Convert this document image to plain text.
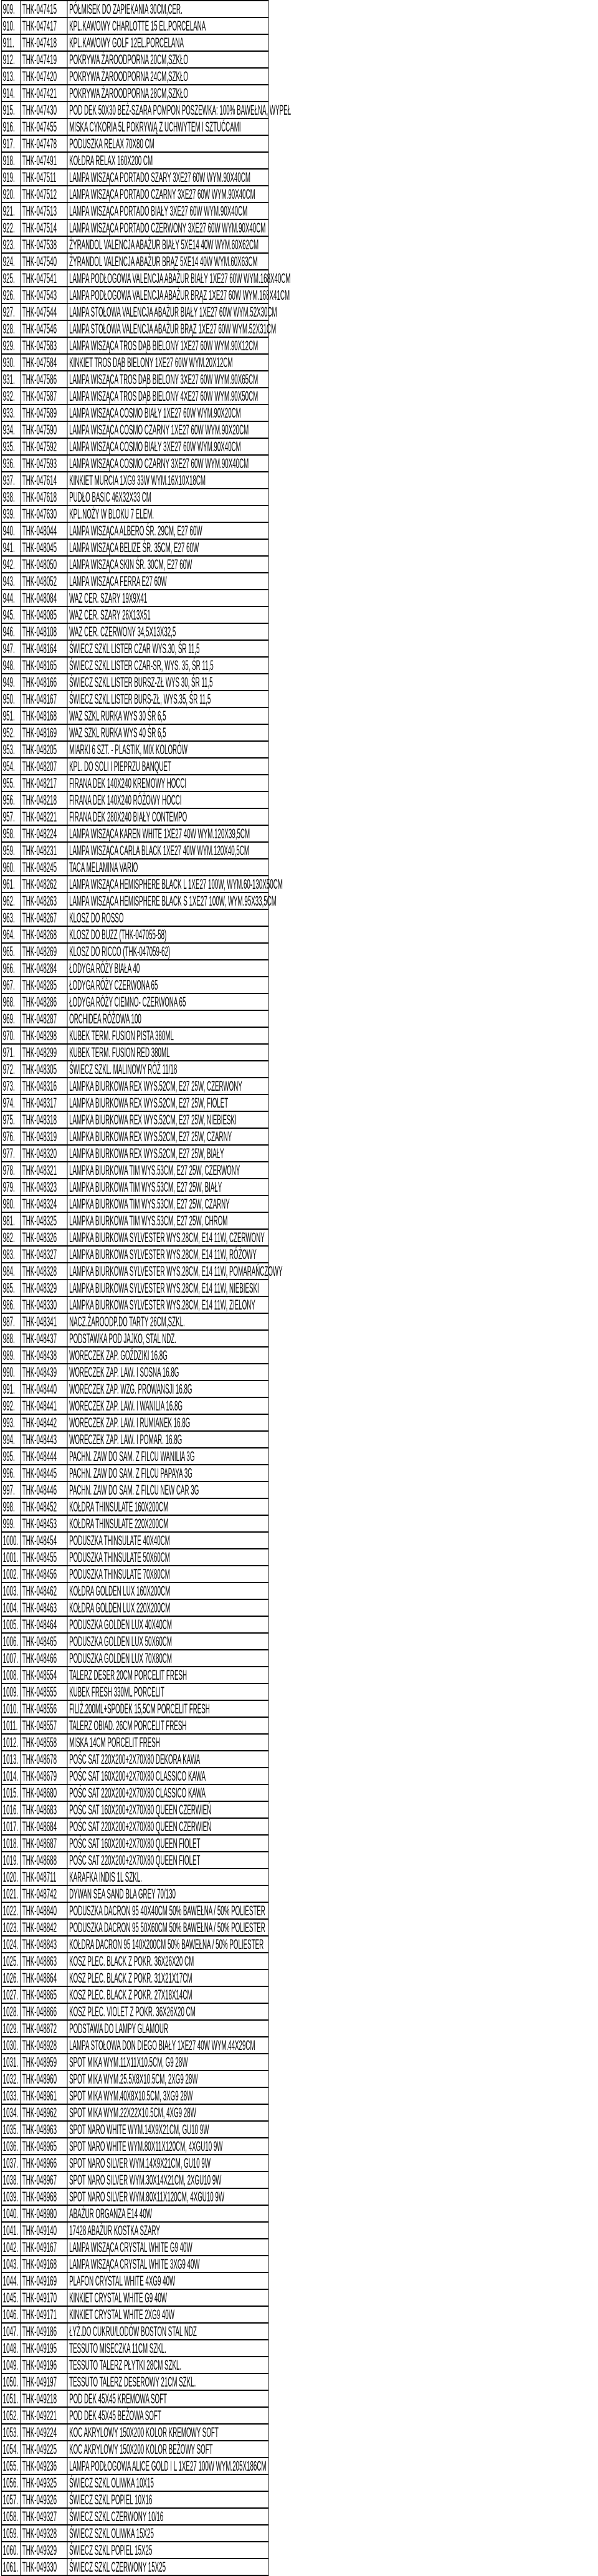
909.	THK-047415	PÓŁMISEK DO ZAPIEKANIA 30CM,CER.
910.	THK-047417	KPL.KAWOWY CHARLOTTE 15 EL.PORCELANA
911.	THK-047418	KPL.KAWOWY GOLF 12EL.PORCELANA
912.	THK-047419	POKRYWA ŻAROODPORNA 20CM,SZKŁO
913.	THK-047420	POKRYWA ŻAROODPORNA 24CM,SZKŁO
914.	THK-047421	POKRYWA ŻAROODPORNA 28CM,SZKŁO
915.	THK-047430	POD DEK 50X30 BEŻ-SZARA POMPON POSZEWKA: 100% BAWEŁNA, WYPEŁ
916.	THK-047455	MISKA CYKORIA 5L POKRYWĄ Z UCHWYTEM I SZTUĆCAMI
917.	THK-047478	PODUSZKA RELAX 70X80 CM
918.	THK-047491	KOŁDRA RELAX 160X200 CM
919.	THK-047511	LAMPA WISZĄCA PORTADO SZARY 3XE27 60W WYM.90X40CM
920.	THK-047512	LAMPA WISZĄCA PORTADO CZARNY 3XE27 60W WYM.90X40CM
921.	THK-047513	LAMPA WISZĄCA PORTADO BIAŁY 3XE27 60W WYM.90X40CM
922.	THK-047514	LAMPA WISZĄCA PORTADO CZERWONY 3XE27 60W WYM.90X40CM
923.	THK-047538	ŻYRANDOL VALENCJA ABAŻUR BIAŁY 5XE14 40W WYM.60X62CM
924.	THK-047540	ŻYRANDOL VALENCJA ABAŻUR BRĄZ 5XE14 40W WYM.60X63CM
925.	THK-047541	LAMPA PODŁOGOWA VALENCJA ABAŻUR BIAŁY 1XE27 60W WYM.168X40CM
926.	THK-047543	LAMPA PODŁOGOWA VALENCJA ABAŻUR BRĄZ 1XE27 60W WYM.168X41CM
927.	THK-047544	LAMPA STOŁOWA VALENCJA ABAŻUR BIAŁY 1XE27 60W WYM.52X30CM
928.	THK-047546	LAMPA STOŁOWA VALENCJA ABAŻUR BRĄZ 1XE27 60W WYM.52X31CM
929.	THK-047583	LAMPA WISZĄCA TROS DĄB BIELONY 1XE27 60W WYM.90X12CM
930.	THK-047584	KINKIET TROS DĄB BIELONY 1XE27 60W WYM.20X12CM
931.	THK-047586	LAMPA WISZĄCA TROS DĄB BIELONY 3XE27 60W WYM.90X65CM
932.	THK-047587	LAMPA WISZĄCA TROS DĄB BIELONY 4XE27 60W WYM.90X50CM
933.	THK-047589	LAMPA WISZĄCA COSMO BIAŁY 1XE27 60W WYM.90X20CM
934.	THK-047590	LAMPA WISZĄCA COSMO CZARNY 1XE27 60W WYM.90X20CM
935.	THK-047592	LAMPA WISZĄCA COSMO BIAŁY 3XE27 60W WYM.90X40CM
936.	THK-047593	LAMPA WISZĄCA COSMO CZARNY 3XE27 60W WYM.90X40CM
937.	THK-047614	KINKIET MURCIA 1XG9 33W WYM.16X10X18CM
938.	THK-047618	PUDŁO BASIC 46X32X33 CM
939.	THK-047630	KPL.NOŻY W BLOKU 7 ELEM.
940.	THK-048044	LAMPA WISZĄCA ALBERO ŚR. 29CM, E27 60W
941.	THK-048045	LAMPA WISZĄCA BELIZE ŚR. 35CM, E27 60W
942.	THK-048050	LAMPA WISZĄCA SKIN ŚR. 30CM, E27 60W
943.	THK-048052	LAMPA WISZĄCA FERRA E27 60W
944.	THK-048084	WAZ CER. SZARY 19X9X41
945.	THK-048085	WAZ CER. SZARY 26X13X51
946.	THK-048108	WAZ CER. CZERWONY 34,5X13X32,5
947.	THK-048164	ŚWIECZ SZKL LISTER CZAR WYS.30, ŚR 11,5
948.	THK-048165	ŚWIECZ SZKL LISTER CZAR-SR, WYS. 35, ŚR 11,5
949.	THK-048166	ŚWIECZ SZKL LISTER BURSZ-ZŁ WYS 30, ŚR 11,5
950.	THK-048167	ŚWIECZ SZKL LISTER BURS-ZŁ, WYS.35, ŚR 11,5
951.	THK-048168	WAZ SZKL RURKA WYS 30 ŚR 6,5
952.	THK-048169	WAZ SZKL RURKA WYS 40 ŚR 6,5
953.	THK-048205	MIARKI 6 SZT. - PLASTIK, MIX KOLORÓW
954.	THK-048207	KPL. DO SOLI I PIEPRZU BANQUET
955.	THK-048217	FIRANA DEK 140X240 KREMOWY HOCCI
956.	THK-048218	FIRANA DEK 140X240 RÓŻOWY HOCCI
957.	THK-048221	FIRANA DEK 280X240 BIAŁY CONTEMPO
958.	THK-048224	LAMPA WISZĄCA KAREN WHITE 1XE27 40W WYM.120X39,5CM
959.	THK-048231	LAMPA WISZĄCA CARLA BLACK 1XE27 40W WYM.120X40,5CM
960.	THK-048245	TACA MELAMINA VARIO
961.	THK-048262	LAMPA WISZĄCA HEMISPHERE BLACK L 1XE27 100W, WYM.60-130X50CM
962.	THK-048263	LAMPA WISZĄCA HEMISPHERE BLACK S 1XE27 100W, WYM.95X33,5CM
963.	THK-048267	KLOSZ DO ROSSO
964.	THK-048268	KLOSZ DO BUZZ (THK-047055-58)
965.	THK-048269	KLOSZ DO RICCO (THK-047059-62)
966.	THK-048284	ŁODYGA RÓŻY BIAŁA 40
967.	THK-048285	ŁODYGA RÓŻY CZERWONA 65
968.	THK-048286	ŁODYGA RÓŻY CIEMNO- CZERWONA 65
969.	THK-048287	ORCHIDEA RÓŻOWA 100
970.	THK-048298	KUBEK TERM. FUSION PISTA 380ML
971.	THK-048299	KUBEK TERM. FUSION RED 380ML
972.	THK-048305	ŚWIECZ SZKL. MALINOWY RÓŻ 11/18
973.	THK-048316	LAMPKA BIURKOWA REX WYS.52CM, E27 25W, CZERWONY
974.	THK-048317	LAMPKA BIURKOWA REX WYS.52CM, E27 25W, FIOLET
975.	THK-048318	LAMPKA BIURKOWA REX WYS.52CM, E27 25W, NIEBIESKI
976.	THK-048319	LAMPKA BIURKOWA REX WYS.52CM, E27 25W, CZARNY
977.	THK-048320	LAMPKA BIURKOWA REX WYS.52CM, E27 25W, BIAŁY
978.	THK-048321	LAMPKA BIURKOWA TIM WYS.53CM, E27 25W, CZERWONY
979.	THK-048323	LAMPKA BIURKOWA TIM WYS.53CM, E27 25W, BIAŁY
980.	THK-048324	LAMPKA BIURKOWA TIM WYS.53CM, E27 25W, CZARNY
981.	THK-048325	LAMPKA BIURKOWA TIM WYS.53CM, E27 25W, CHROM
982.	THK-048326	LAMPKA BIURKOWA SYLVESTER WYS.28CM, E14 11W, CZERWONY
983.	THK-048327	LAMPKA BIURKOWA SYLVESTER WYS.28CM, E14 11W, RÓŻOWY
984.	THK-048328	LAMPKA BIURKOWA SYLVESTER WYS.28CM, E14 11W, POMARAŃCZOWY
985.	THK-048329	LAMPKA BIURKOWA SYLVESTER WYS.28CM, E14 11W, NIEBIESKI
986.	THK-048330	LAMPKA BIURKOWA SYLVESTER WYS.28CM, E14 11W, ZIELONY
987.	THK-048341	NACZ.ŻAROODP.DO TARTY 26CM,SZKL.
988.	THK-048437	PODSTAWKA POD JAJKO, STAL NDZ.
989.	THK-048438	WORECZEK ZAP. GOŹDZIKI 16.8G
990.	THK-048439	WORECZEK ZAP. LAW. I SOSNA 16.8G
991.	THK-048440	WORECZEK ZAP. WZG. PROWANSJI 16.8G
992.	THK-048441	WORECZEK ZAP. LAW. I WANILIA 16.8G
993.	THK-048442	WORECZEK ZAP. LAW. I RUMIANEK 16.8G
994.	THK-048443	WORECZEK ZAP. LAW. I POMAR. 16.8G
995.	THK-048444	PACHN. ZAW DO SAM. Z FILCU WANILIA 3G
996.	THK-048445	PACHN. ZAW DO SAM. Z FILCU PAPAYA 3G
997.	THK-048446	PACHN. ZAW DO SAM. Z FILCU NEW CAR 3G
998.	THK-048452	KOŁDRA THINSULATE 160X200CM
999.	THK-048453	KOŁDRA THINSULATE 220X200CM
1000.	THK-048454	PODUSZKA THINSULATE 40X40CM
1001.	THK-048455	PODUSZKA THINSULATE 50X60CM
1002.	THK-048456	PODUSZKA THINSULATE 70X80CM
1003.	THK-048462	KOŁDRA GOLDEN LUX 160X200CM
1004.	THK-048463	KOŁDRA GOLDEN LUX 220X200CM
1005.	THK-048464	PODUSZKA GOLDEN LUX 40X40CM
1006.	THK-048465	PODUSZKA GOLDEN LUX 50X60CM
1007.	THK-048466	PODUSZKA GOLDEN LUX 70X80CM
1008.	THK-048554	TALERZ DESER 20CM PORCELIT FRESH
1009.	THK-048555	KUBEK FRESH 330ML PORCELIT
1010.	THK-048556	FILIŻ.200ML+SPODEK 15,5CM PORCELIT FRESH
1011.	THK-048557	TALERZ OBIAD. 26CM PORCELIT FRESH
1012.	THK-048558	MISKA 14CM PORCELIT FRESH
1013.	THK-048678	POŚC SAT 220X200+2X70X80 DEKORA KAWA
1014.	THK-048679	POŚC SAT 160X200+2X70X80 CLASSICO KAWA
1015.	THK-048680	POŚC SAT 220X200+2X70X80 CLASSICO KAWA
1016.	THK-048683	POŚC SAT 160X200+2X70X80 QUEEN CZERWIEŃ
1017.	THK-048684	POŚC SAT 220X200+2X70X80 QUEEN CZERWIEŃ
1018.	THK-048687	POŚC SAT 160X200+2X70X80 QUEEN FIOLET
1019.	THK-048688	POŚC SAT 220X200+2X70X80 QUEEN FIOLET
1020.	THK-048711	KARAFKA INDIS 1L SZKL.
1021.	THK-048742	DYWAN SEA SAND BLA GREY 70/130
1022.	THK-048840	PODUSZKA DACRON 95 40X40CM 50% BAWEŁNA / 50% POLIESTER
1023.	THK-048842	PODUSZKA DACRON 95 50X60CM 50% BAWEŁNA / 50% POLIESTER
1024.	THK-048843	KOŁDRA DACRON 95 140X200CM 50% BAWEŁNA / 50% POLIESTER
1025.	THK-048863	KOSZ PLEC. BLACK Z POKR. 36X26X20 CM
1026.	THK-048864	KOSZ PLEC. BLACK Z POKR. 31X21X17CM
1027.	THK-048865	KOSZ PLEC. BLACK Z POKR. 27X18X14CM
1028.	THK-048866	KOSZ PLEC. VIOLET Z POKR. 36X26X20 CM
1029.	THK-048872	PODSTAWA DO LAMPY GLAMOUR
1030.	THK-048928	LAMPA STOŁOWA DON DIEGO BIAŁY 1XE27 40W WYM.44X29CM
1031.	THK-048959	SPOT MIKA WYM.11X11X10.5CM, G9 28W
1032.	THK-048960	SPOT MIKA WYM.25.5X8X10.5CM, 2XG9 28W
1033.	THK-048961	SPOT MIKA WYM.40X8X10.5CM, 3XG9 28W
1034.	THK-048962	SPOT MIKA WYM.22X22X10.5CM, 4XG9 28W
1035.	THK-048963	SPOT NARO WHITE WYM.14X9X21CM, GU10 9W
1036.	THK-048965	SPOT NARO WHITE WYM.80X11X120CM, 4XGU10 9W
1037.	THK-048966	SPOT NARO SILVER WYM.14X9X21CM, GU10 9W
1038.	THK-048967	SPOT NARO SILVER WYM.30X14X21CM, 2XGU10 9W
1039.	THK-048968	SPOT NARO SILVER WYM.80X11X120CM, 4XGU10 9W
1040.	THK-048980	ABAŻUR ORGANZA E14 40W
1041.	THK-049140	17428 ABAŻUR KOSTKA SZARY
1042.	THK-049167	LAMPA WISZĄCA CRYSTAL WHITE G9 40W
1043.	THK-049168	LAMPA WISZĄCA CRYSTAL WHITE 3XG9 40W
1044.	THK-049169	PLAFON CRYSTAL WHITE 4XG9 40W
1045.	THK-049170	KINKIET CRYSTAL WHITE G9 40W
1046.	THK-049171	KINKIET CRYSTAL WHITE 2XG9 40W
1047.	THK-049186	ŁYŻ.DO CUKRU/LODÓW BOSTON STAL NDZ
1048.	THK-049195	TESSUTO MISECZKA 11CM SZKL.
1049.	THK-049196	TESSUTO TALERZ PŁYTKI 28CM SZKL.
1050.	THK-049197	TESSUTO TALERZ DESEROWY 21CM SZKL.
1051.	THK-049218	POD DEK 45X45 KREMOWA SOFT
1052.	THK-049221	POD DEK 45X45 BEŻOWA SOFT
1053.	THK-049224	KOC AKRYLOWY 150X200 KOLOR KREMOWY SOFT
1054.	THK-049225	KOC AKRYLOWY 150X200 KOLOR BEŻOWY SOFT
1055.	THK-049236	LAMPA PODŁOGOWA ALICE GOLD I L 1XE27 100W WYM.205X186CM
1056.	THK-049325	ŚWIECZ SZKL OLIWKA 10X15
1057.	THK-049326	ŚWIECZ SZKL POPIEL 10X16
1058.	THK-049327	ŚWIECZ SZKL CZERWONY 10/16
1059.	THK-049328	ŚWIECZ SZKL OLIWKA 15X25
1060.	THK-049329	ŚWIECZ SZKL POPIEL 15X25
1061.	THK-049330	ŚWIECZ SZKL CZERWONY 15X25
